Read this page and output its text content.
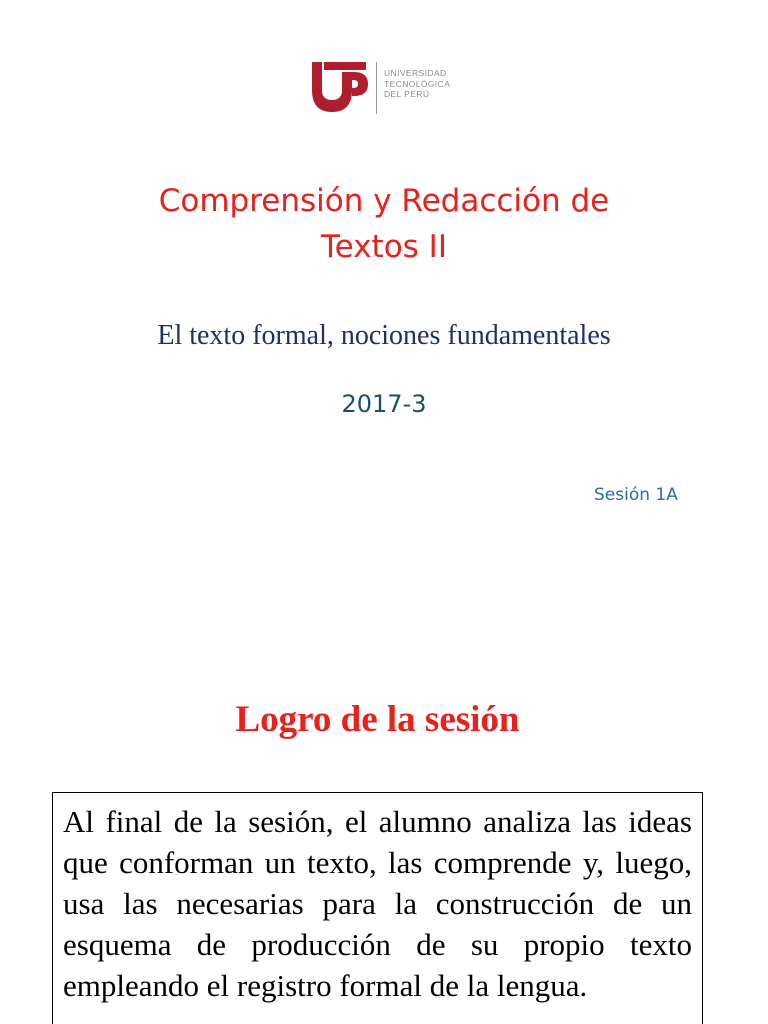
UNIVERSIDAD
TECNOLÓGICA
DEL PERÚ
Comprensión y Redacción de
Textos II
El texto formal, nociones fundamentales
2017-3
Sesión 1A
Logro de la sesión

Al final de la sesión, el alumno analiza las ideas que conforman un texto, las comprende y, luego, usa las necesarias para la construcción de un esquema de producción de su propio texto empleando el registro formal de la lengua.
